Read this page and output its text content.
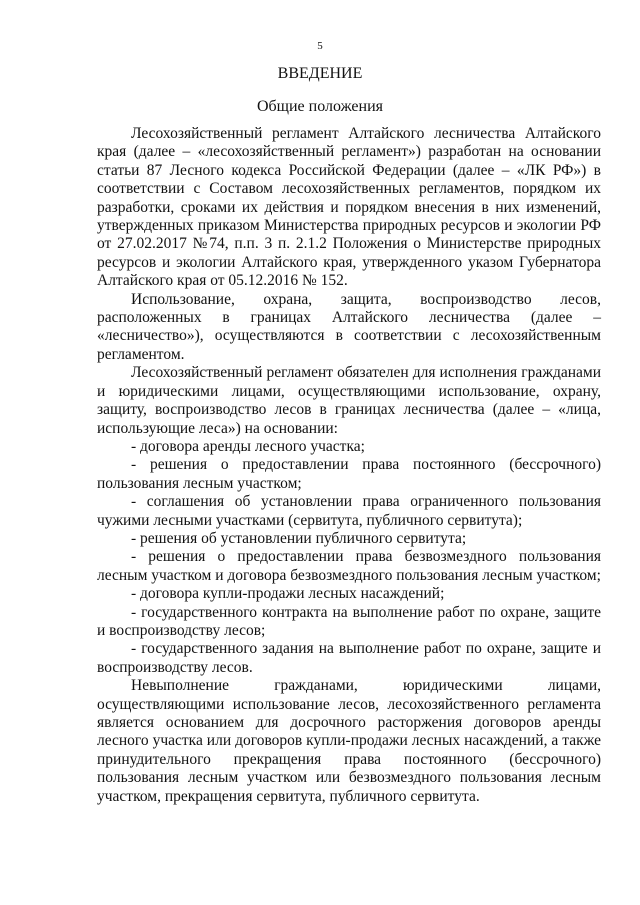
5
ВВЕДЕНИЕ
Общие положения

Лесохозяйственный регламент Алтайского лесничества Алтайского края (далее – «лесохозяйственный регламент») разработан на основании статьи 87 Лесного кодекса Российской Федерации (далее – «ЛК РФ») в соответствии с Составом лесохозяйственных регламентов, порядком их разработки, сроками их действия и порядком внесения в них изменений, утвержденных приказом Министерства природных ресурсов и экологии РФ от 27.02.2017 №74, п.п. 3 п. 2.1.2 Положения о Министерстве природных ресурсов и экологии Алтайского края, утвержденного указом Губернатора Алтайского края от 05.12.2016 № 152.

Использование, охрана, защита, воспроизводство лесов, расположенных в границах Алтайского лесничества (далее – «лесничество»), осуществляются в соответствии с лесохозяйственным регламентом.

Лесохозяйственный регламент обязателен для исполнения гражданами и юридическими лицами, осуществляющими использование, охрану, защиту, воспроизводство лесов в границах лесничества (далее – «лица, использующие леса») на основании:

- договора аренды лесного участка;

- решения о предоставлении права постоянного (бессрочного) пользования лесным участком;

- соглашения об установлении права ограниченного пользования чужими лесными участками (сервитута, публичного сервитута);

- решения об установлении публичного сервитута;

- решения о предоставлении права безвозмездного пользования лесным участком и договора безвозмездного пользования лесным участком;

- договора купли-продажи лесных насаждений;

- государственного контракта на выполнение работ по охране, защите и воспроизводству лесов;

- государственного задания на выполнение работ по охране, защите и воспроизводству лесов.

Невыполнение гражданами, юридическими лицами, осуществляющими использование лесов, лесохозяйственного регламента является основанием для досрочного расторжения договоров аренды лесного участка или договоров купли-продажи лесных насаждений, а также принудительного прекращения права постоянного (бессрочного) пользования лесным участком или безвозмездного пользования лесным участком, прекращения сервитута, публичного сервитута.
